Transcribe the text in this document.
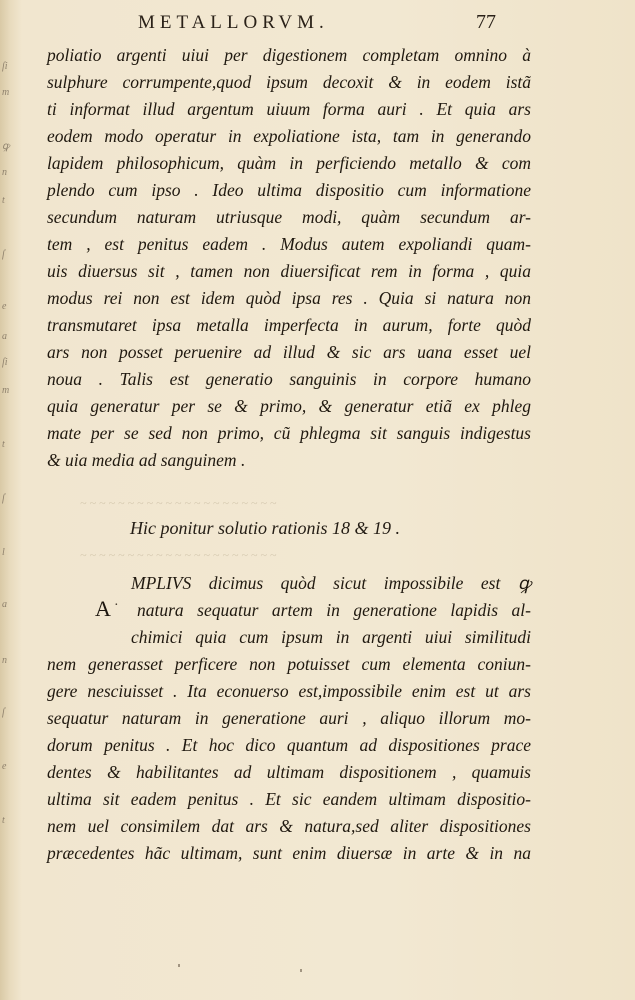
ſi
m
ꝙ
n
t
ſ
e
a
ſi
m
t
ſ
l
a
n
ſ
e
t
METALLORVM.	77
poliatio argenti uiui per digestionem completam omnino à
sulphure corrumpente,quod ipsum decoxit & in eodem istã
ti informat illud argentum uiuum forma auri . Et quia ars
eodem modo operatur in expoliatione ista, tam in generando
lapidem philosophicum, quàm in perficiendo metallo & com
plendo cum ipso . Ideo ultima dispositio cum informatione
secundum naturam utriusque modi, quàm secundum ar-
tem , est penitus eadem . Modus autem expoliandi quam-
uis diuersus sit , tamen non diuersificat rem in forma , quia
modus rei non est idem quòd ipsa res . Quia si natura non
transmutaret ipsa metalla imperfecta in aurum, forte quòd
ars non posset peruenire ad illud & sic ars uana esset uel
noua . Talis est generatio sanguinis in corpore humano
quia generatur per se & primo, & generatur etiã ex phleg
mate per se sed non primo, cũ phlegma sit sanguis indigestus
& uia media ad sanguinem .
~ ~ ~ ~ ~ ~ ~ ~ ~ ~ ~ ~ ~ ~ ~ ~ ~ ~ ~ ~ ~
~ ~ ~ ~ ~ ~ ~ ~ ~ ~ ~ ~ ~ ~ ~ ~ ~ ~ ~ ~ ~
Hic ponitur solutio rationis 18 & 19 .
A ·
MPLIVS dicimus quòd sicut impossibile est ꝙ
natura sequatur artem in generatione lapidis al-
chimici quia cum ipsum in argenti uiui similitudi
nem generasset perficere non potuisset cum elementa coniun-
gere nesciuisset . Ita econuerso est,impossibile enim est ut ars
sequatur naturam in generatione auri , aliquo illorum mo-
dorum penitus . Et hoc dico quantum ad dispositiones prace
dentes & habilitantes ad ultimam dispositionem , quamuis
ultima sit eadem penitus . Et sic eandem ultimam dispositio-
nem uel consimilem dat ars & natura,sed aliter dispositiones
præcedentes hãc ultimam, sunt enim diuersæ in arte & in na
